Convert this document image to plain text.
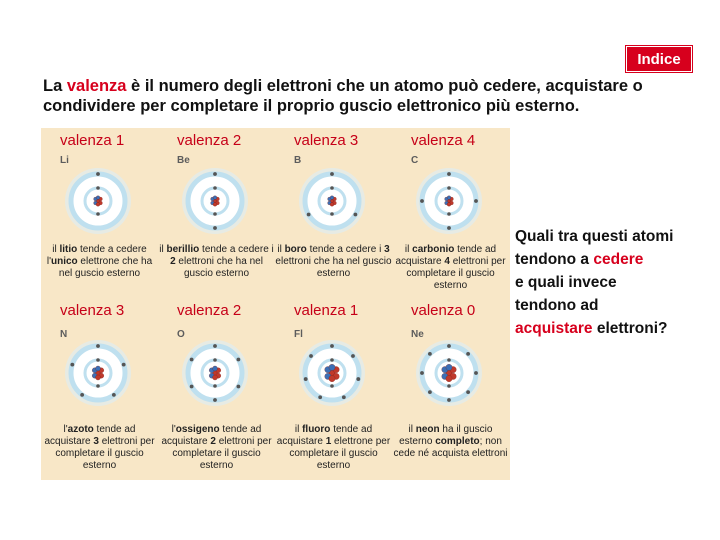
Indice
La valenza è il numero degli elettroni che un atomo può cedere, acquistare o condividere per completare il proprio guscio elettronico più esterno.
valenza 1
Li
il litio tende a cedere l'unico elettrone che ha nel guscio esterno
valenza 2
Be
il berillio tende a cedere i 2 elettroni che ha nel guscio esterno
valenza 3
B
il boro tende a cedere i 3 elettroni che ha nel guscio esterno
valenza 4
C
il carbonio tende ad acquistare 4 elettroni per completare il guscio esterno
valenza 3
N
l'azoto tende ad acquistare 3 elettroni per completare il guscio esterno
valenza 2
O
l'ossigeno tende ad acquistare 2 elettroni per completare il guscio esterno
valenza 1
Fl
il fluoro tende ad acquistare 1 elettrone per completare il guscio esterno
valenza 0
Ne
il neon ha il guscio esterno completo; non cede né acquista elettroni
Quali tra questi atomi
tendono a cedere
e quali invece
tendono ad
acquistare elettroni?
